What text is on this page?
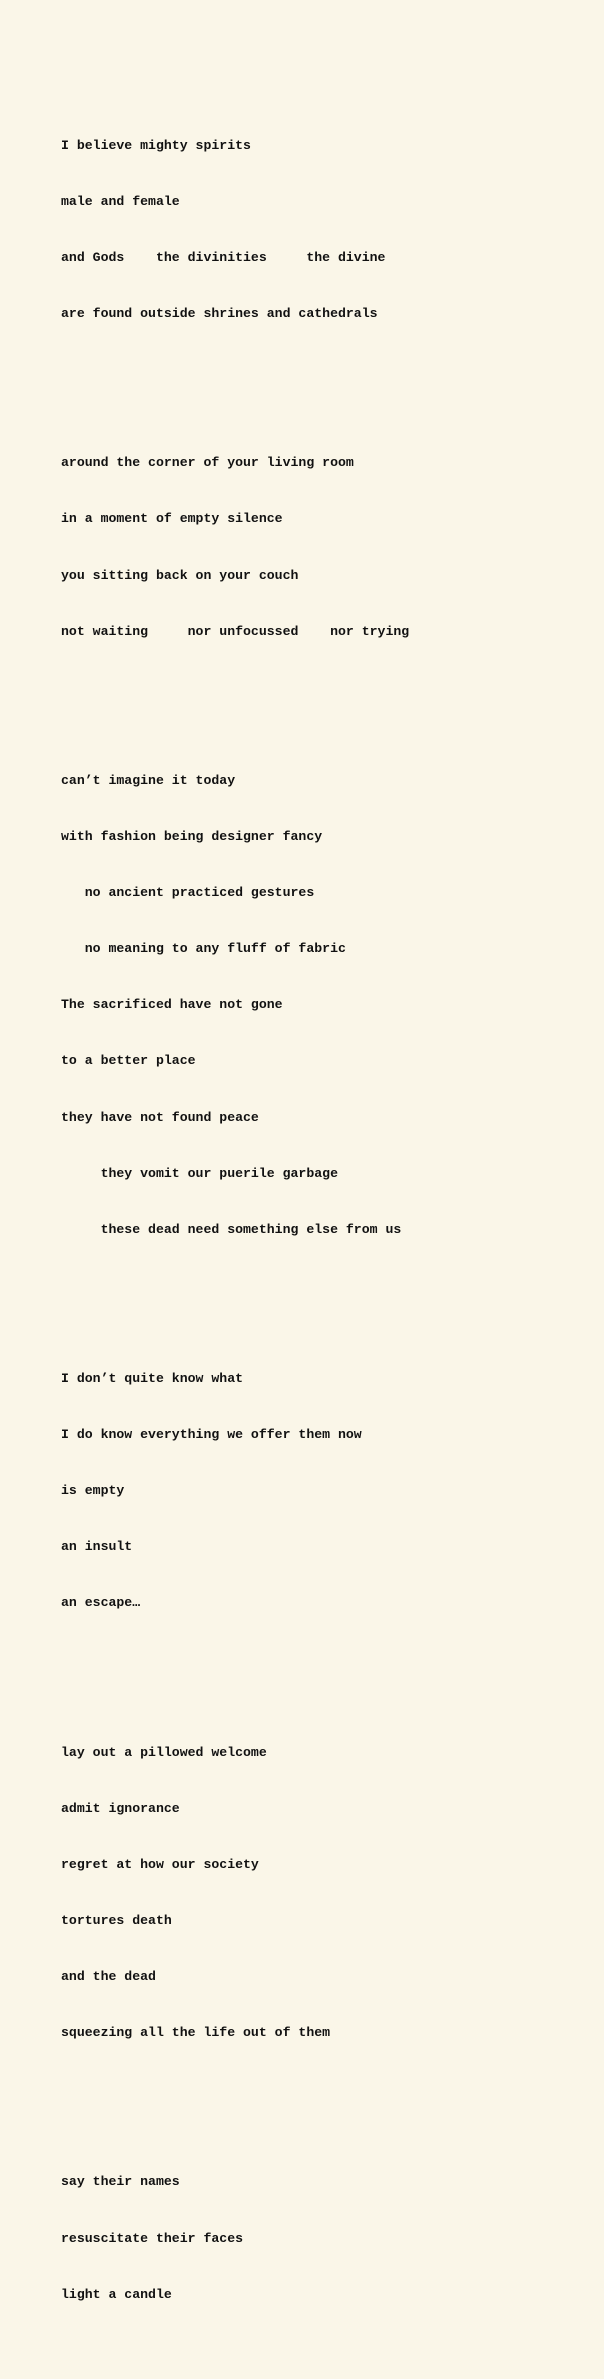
I believe mighty spirits

male and female

and Gods    the divinities     the divine

are found outside shrines and cathedrals

around the corner of your living room

in a moment of empty silence

you sitting back on your couch

not waiting     nor unfocussed    nor trying

can’t imagine it today

with fashion being designer fancy

no ancient practiced gestures

no meaning to any fluff of fabric

The sacrificed have not gone

to a better place

they have not found peace

they vomit our puerile garbage

these dead need something else from us

I don’t quite know what

I do know everything we offer them now

is empty

an insult

an escape…

lay out a pillowed welcome

admit ignorance

regret at how our society

tortures death

and the dead

squeezing all the life out of them

say their names

resuscitate their faces

light a candle
